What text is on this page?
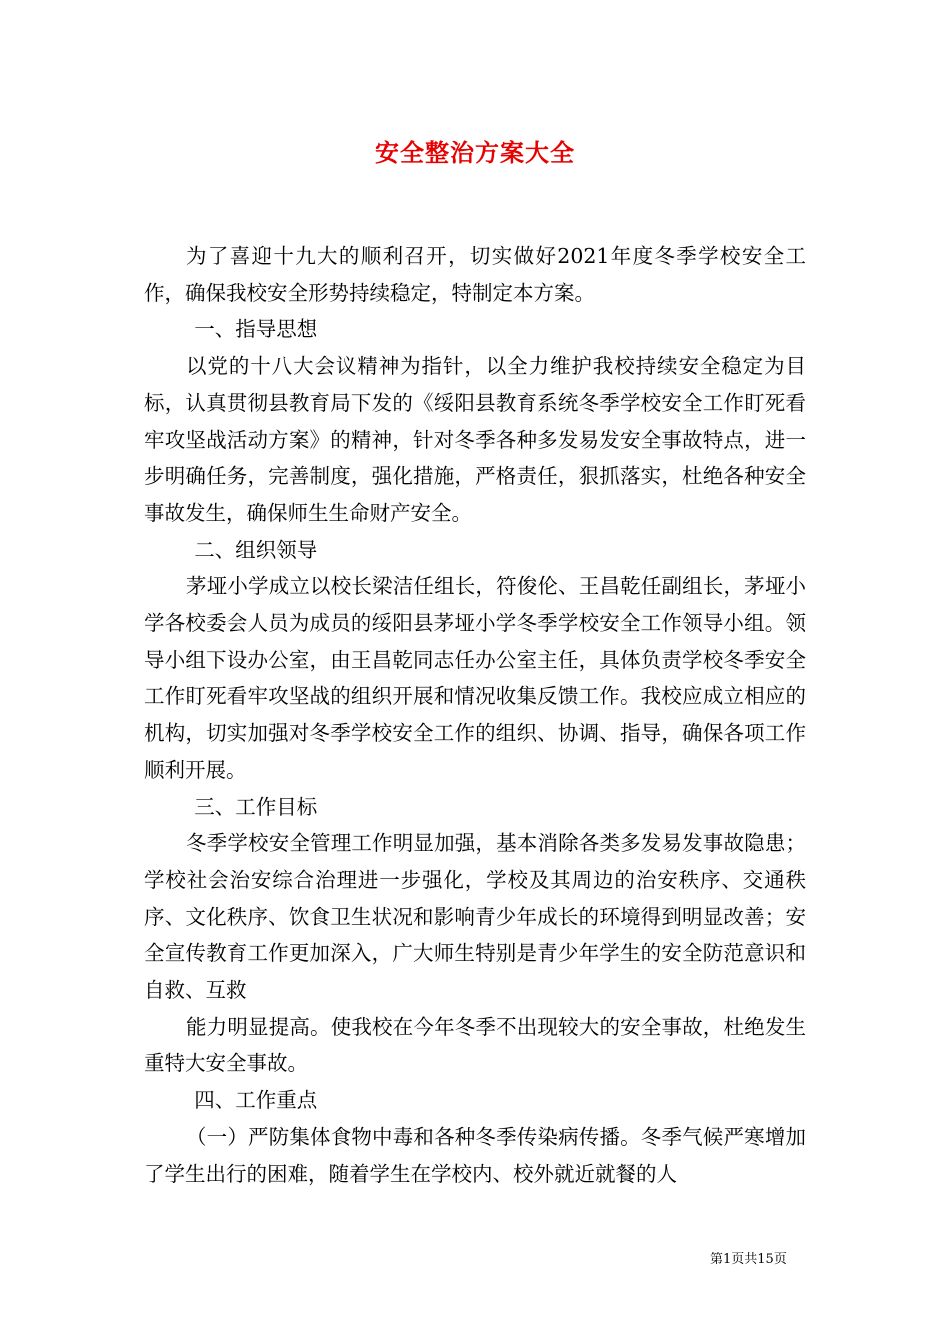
安全整治方案大全

为了喜迎十九大的顺利召开，切实做好2021年度冬季学校安全工作，确保我校安全形势持续稳定，特制定本方案。

一、指导思想

以党的十八大会议精神为指针，以全力维护我校持续安全稳定为目标，认真贯彻县教育局下发的《绥阳县教育系统冬季学校安全工作盯死看牢攻坚战活动方案》的精神，针对冬季各种多发易发安全事故特点，进一步明确任务，完善制度，强化措施，严格责任，狠抓落实，杜绝各种安全事故发生，确保师生生命财产安全。

二、组织领导

茅垭小学成立以校长梁洁任组长，符俊伦、王昌乾任副组长，茅垭小学各校委会人员为成员的绥阳县茅垭小学冬季学校安全工作领导小组。领导小组下设办公室，由王昌乾同志任办公室主任，具体负责学校冬季安全工作盯死看牢攻坚战的组织开展和情况收集反馈工作。我校应成立相应的机构，切实加强对冬季学校安全工作的组织、协调、指导，确保各项工作顺利开展。

三、工作目标

冬季学校安全管理工作明显加强，基本消除各类多发易发事故隐患；学校社会治安综合治理进一步强化，学校及其周边的治安秩序、交通秩序、文化秩序、饮食卫生状况和影响青少年成长的环境得到明显改善；安全宣传教育工作更加深入，广大师生特别是青少年学生的安全防范意识和自救、互救

能力明显提高。使我校在今年冬季不出现较大的安全事故，杜绝发生重特大安全事故。

四、工作重点

（一）严防集体食物中毒和各种冬季传染病传播。冬季气候严寒增加了学生出行的困难，随着学生在学校内、校外就近就餐的人

第1页共15页
